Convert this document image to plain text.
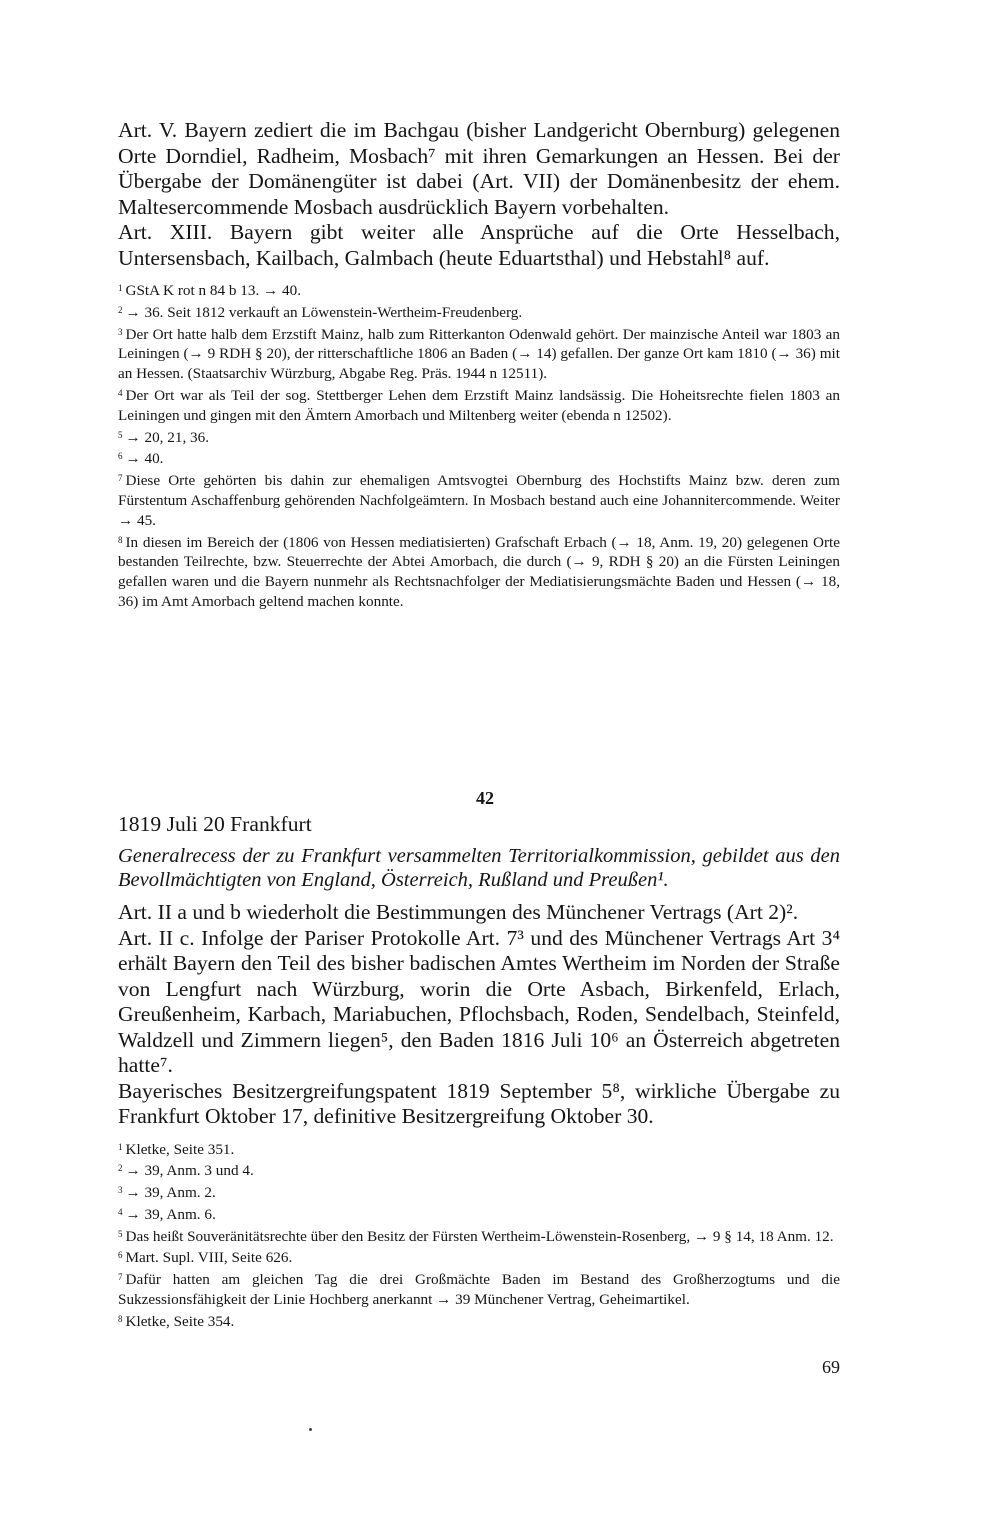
Art. V. Bayern zediert die im Bachgau (bisher Landgericht Obernburg) gelegenen Orte Dorndiel, Radheim, Mosbach⁷ mit ihren Gemarkungen an Hessen. Bei der Übergabe der Domänengüter ist dabei (Art. VII) der Domänenbesitz der ehem. Maltesercommende Mosbach ausdrücklich Bayern vorbehalten.

Art. XIII. Bayern gibt weiter alle Ansprüche auf die Orte Hesselbach, Untersensbach, Kailbach, Galmbach (heute Eduartsthal) und Hebstahl⁸ auf.

$^1$ GStA K rot n 84 b 13. → 40.

$^2$ → 36. Seit 1812 verkauft an Löwenstein-Wertheim-Freudenberg.

$^3$ Der Ort hatte halb dem Erzstift Mainz, halb zum Ritterkanton Odenwald gehört. Der mainzische Anteil war 1803 an Leiningen (→ 9 RDH § 20), der ritterschaftliche 1806 an Baden (→ 14) gefallen. Der ganze Ort kam 1810 (→ 36) mit an Hessen. (Staatsarchiv Würzburg, Abgabe Reg. Präs. 1944 n 12511).

$^4$ Der Ort war als Teil der sog. Stettberger Lehen dem Erzstift Mainz landsässig. Die Hoheitsrechte fielen 1803 an Leiningen und gingen mit den Ämtern Amorbach und Miltenberg weiter (ebenda n 12502).

$^5$ → 20, 21, 36.

$^6$ → 40.

$^7$ Diese Orte gehörten bis dahin zur ehemaligen Amtsvogtei Obernburg des Hochstifts Mainz bzw. deren zum Fürstentum Aschaffenburg gehörenden Nachfolgeämtern. In Mosbach bestand auch eine Johannitercommende. Weiter → 45.

$^8$ In diesen im Bereich der (1806 von Hessen mediatisierten) Grafschaft Erbach (→ 18, Anm. 19, 20) gelegenen Orte bestanden Teilrechte, bzw. Steuerrechte der Abtei Amorbach, die durch (→ 9, RDH § 20) an die Fürsten Leiningen gefallen waren und die Bayern nunmehr als Rechtsnachfolger der Mediatisierungsmächte Baden und Hessen (→ 18, 36) im Amt Amorbach geltend machen konnte.

42

1819 Juli 20 Frankfurt

Generalrecess der zu Frankfurt versammelten Territorialkommission, gebildet aus den Bevollmächtigten von England, Österreich, Rußland und Preußen¹.

Art. II a und b wiederholt die Bestimmungen des Münchener Vertrags (Art 2)².

Art. II c. Infolge der Pariser Protokolle Art. 7³ und des Münchener Vertrags Art 3⁴ erhält Bayern den Teil des bisher badischen Amtes Wertheim im Norden der Straße von Lengfurt nach Würzburg, worin die Orte Asbach, Birkenfeld, Erlach, Greußenheim, Karbach, Mariabuchen, Pflochsbach, Roden, Sendelbach, Steinfeld, Waldzell und Zimmern liegen⁵, den Baden 1816 Juli 10⁶ an Österreich abgetreten hatte⁷.

Bayerisches Besitzergreifungspatent 1819 September 5⁸, wirkliche Übergabe zu Frankfurt Oktober 17, definitive Besitzergreifung Oktober 30.

$^1$ Kletke, Seite 351.

$^2$ → 39, Anm. 3 und 4.

$^3$ → 39, Anm. 2.

$^4$ → 39, Anm. 6.

$^5$ Das heißt Souveränitätsrechte über den Besitz der Fürsten Wertheim-Löwenstein-Rosenberg, → 9 § 14, 18 Anm. 12.

$^6$ Mart. Supl. VIII, Seite 626.

$^7$ Dafür hatten am gleichen Tag die drei Großmächte Baden im Bestand des Großherzogtums und die Sukzessionsfähigkeit der Linie Hochberg anerkannt → 39 Münchener Vertrag, Geheimartikel.

$^8$ Kletke, Seite 354.

69
